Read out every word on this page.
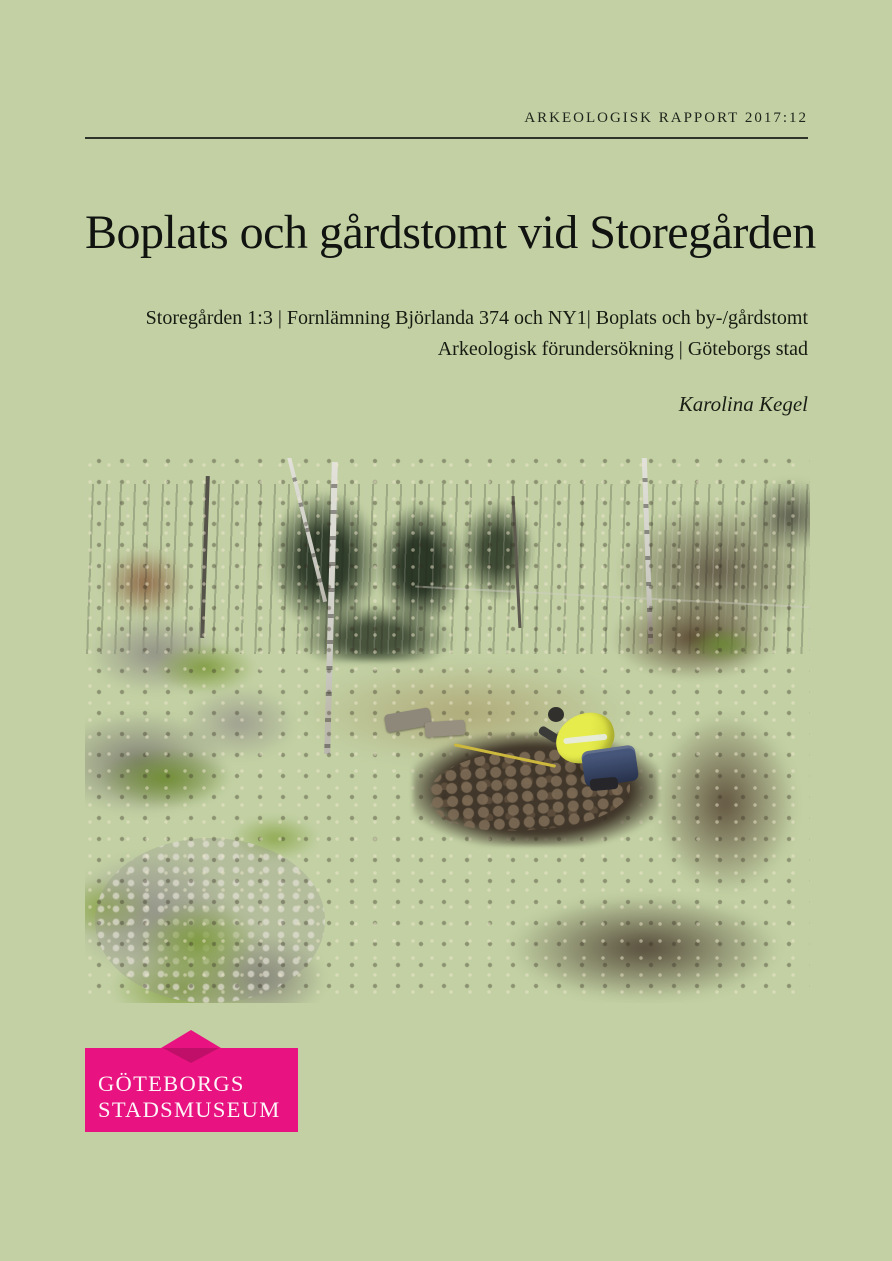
ARKEOLOGISK RAPPORT 2017:12
Boplats och gårdstomt vid Storegården
Storegården 1:3 | Fornlämning Björlanda 374 och NY1| Boplats och by-/gårdstomt
Arkeologisk förundersökning | Göteborgs stad
Karolina Kegel
GÖTEBORGS
STADSMUSEUM
